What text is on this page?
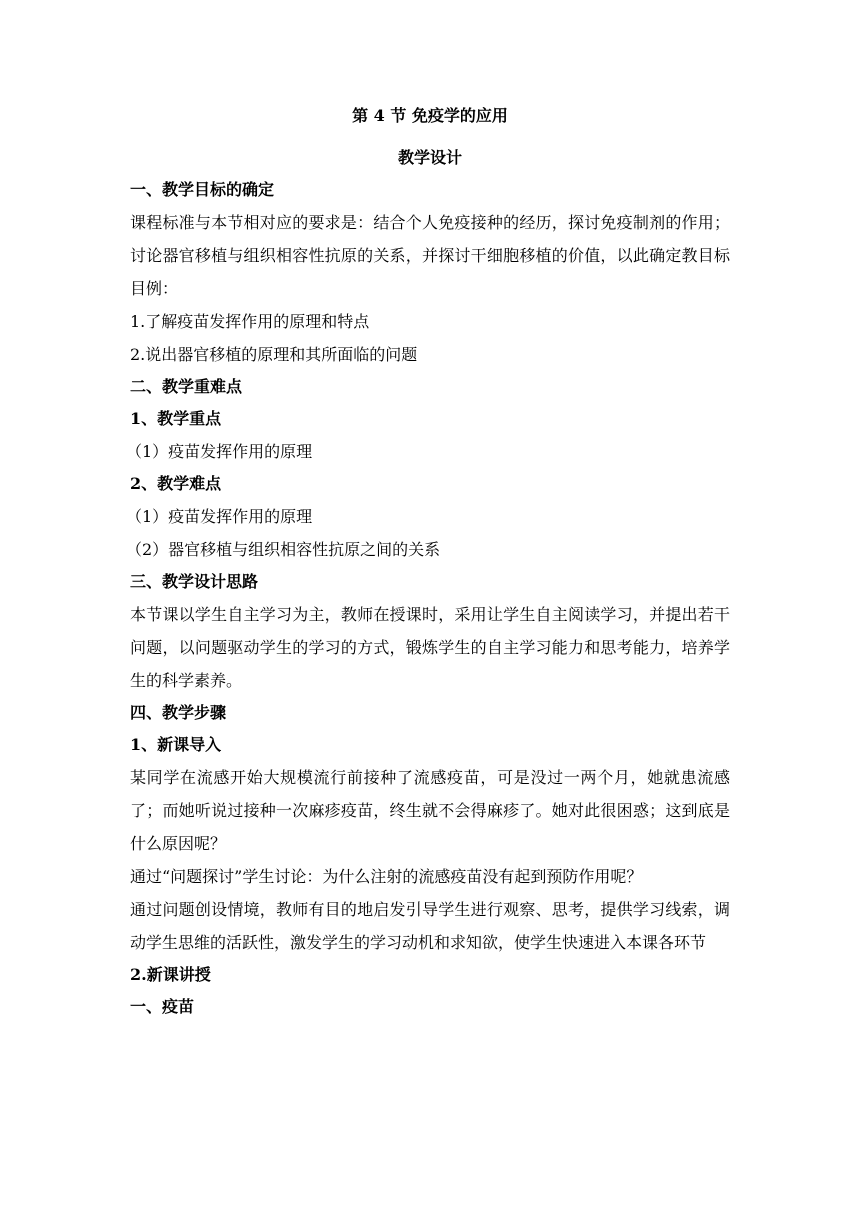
第 4 节 免疫学的应用

教学设计

一、教学目标的确定

课程标准与本节相对应的要求是：结合个人免疫接种的经历，探讨免疫制剂的作用；讨论器官移植与组织相容性抗原的关系，并探讨干细胞移植的价值，以此确定教目标目例：

1.了解疫苗发挥作用的原理和特点

2.说出器官移植的原理和其所面临的问题

二、教学重难点

1、教学重点

（1）疫苗发挥作用的原理

2、教学难点

（1）疫苗发挥作用的原理

（2）器官移植与组织相容性抗原之间的关系

三、教学设计思路

本节课以学生自主学习为主，教师在授课时，采用让学生自主阅读学习，并提出若干问题，以问题驱动学生的学习的方式，锻炼学生的自主学习能力和思考能力，培养学生的科学素养。

四、教学步骤

1、新课导入

某同学在流感开始大规模流行前接种了流感疫苗，可是没过一两个月，她就患流感了；而她听说过接种一次麻疹疫苗，终生就不会得麻疹了。她对此很困惑；这到底是什么原因呢？

通过“问题探讨”学生讨论：为什么注射的流感疫苗没有起到预防作用呢？

通过问题创设情境，教师有目的地启发引导学生进行观察、思考，提供学习线索，调动学生思维的活跃性，激发学生的学习动机和求知欲，使学生快速进入本课各环节

2.新课讲授

一、疫苗
